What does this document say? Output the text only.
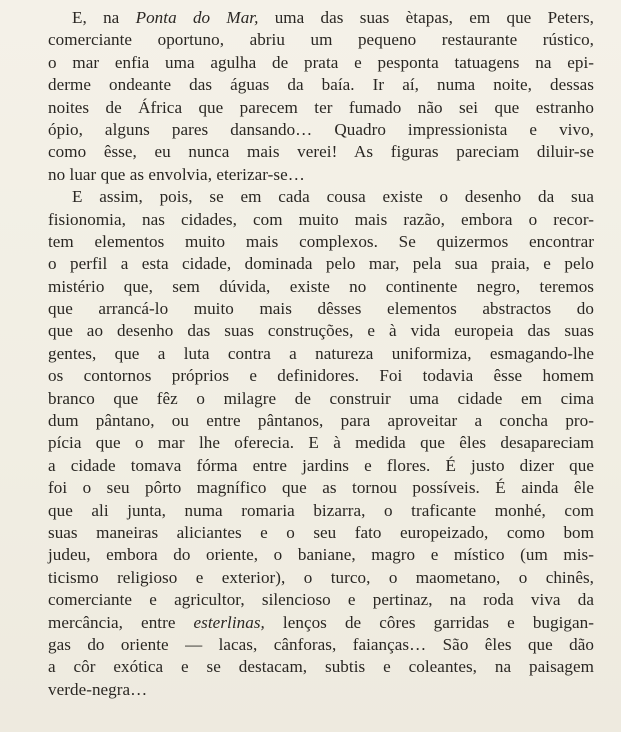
E, na Ponta do Mar, uma das suas ètapas, em que Peters,
comerciante oportuno, abriu um pequeno restaurante rústico,
o mar enfia uma agulha de prata e pesponta tatuagens na epi-
derme ondeante das águas da baía. Ir aí, numa noite, dessas
noites de África que parecem ter fumado não sei que estranho
ópio, alguns pares dansando… Quadro impressionista e vivo,
como êsse, eu nunca mais verei! As figuras pareciam diluir-se
no luar que as envolvia, eterizar-se…
E assim, pois, se em cada cousa existe o desenho da sua
fisionomia, nas cidades, com muito mais razão, embora o recor-
tem elementos muito mais complexos. Se quizermos encontrar
o perfil a esta cidade, dominada pelo mar, pela sua praia, e pelo
mistério que, sem dúvida, existe no continente negro, teremos
que arrancá-lo muito mais dêsses elementos abstractos do
que ao desenho das suas construções, e à vida europeia das suas
gentes, que a luta contra a natureza uniformiza, esmagando-lhe
os contornos próprios e definidores. Foi todavia êsse homem
branco que fêz o milagre de construir uma cidade em cima
dum pântano, ou entre pântanos, para aproveitar a concha pro-
pícia que o mar lhe oferecia. E à medida que êles desapareciam
a cidade tomava fórma entre jardins e flores. É justo dizer que
foi o seu pôrto magnífico que as tornou possíveis. É ainda êle
que ali junta, numa romaria bizarra, o traficante monhé, com
suas maneiras aliciantes e o seu fato europeizado, como bom
judeu, embora do oriente, o baniane, magro e místico (um mis-
ticismo religioso e exterior), o turco, o maometano, o chinês,
comerciante e agricultor, silencioso e pertinaz, na roda viva da
mercância, entre esterlinas, lenços de côres garridas e bugigan-
gas do oriente — lacas, cânforas, faianças… São êles que dão
a côr exótica e se destacam, subtis e coleantes, na paisagem
verde-negra…
